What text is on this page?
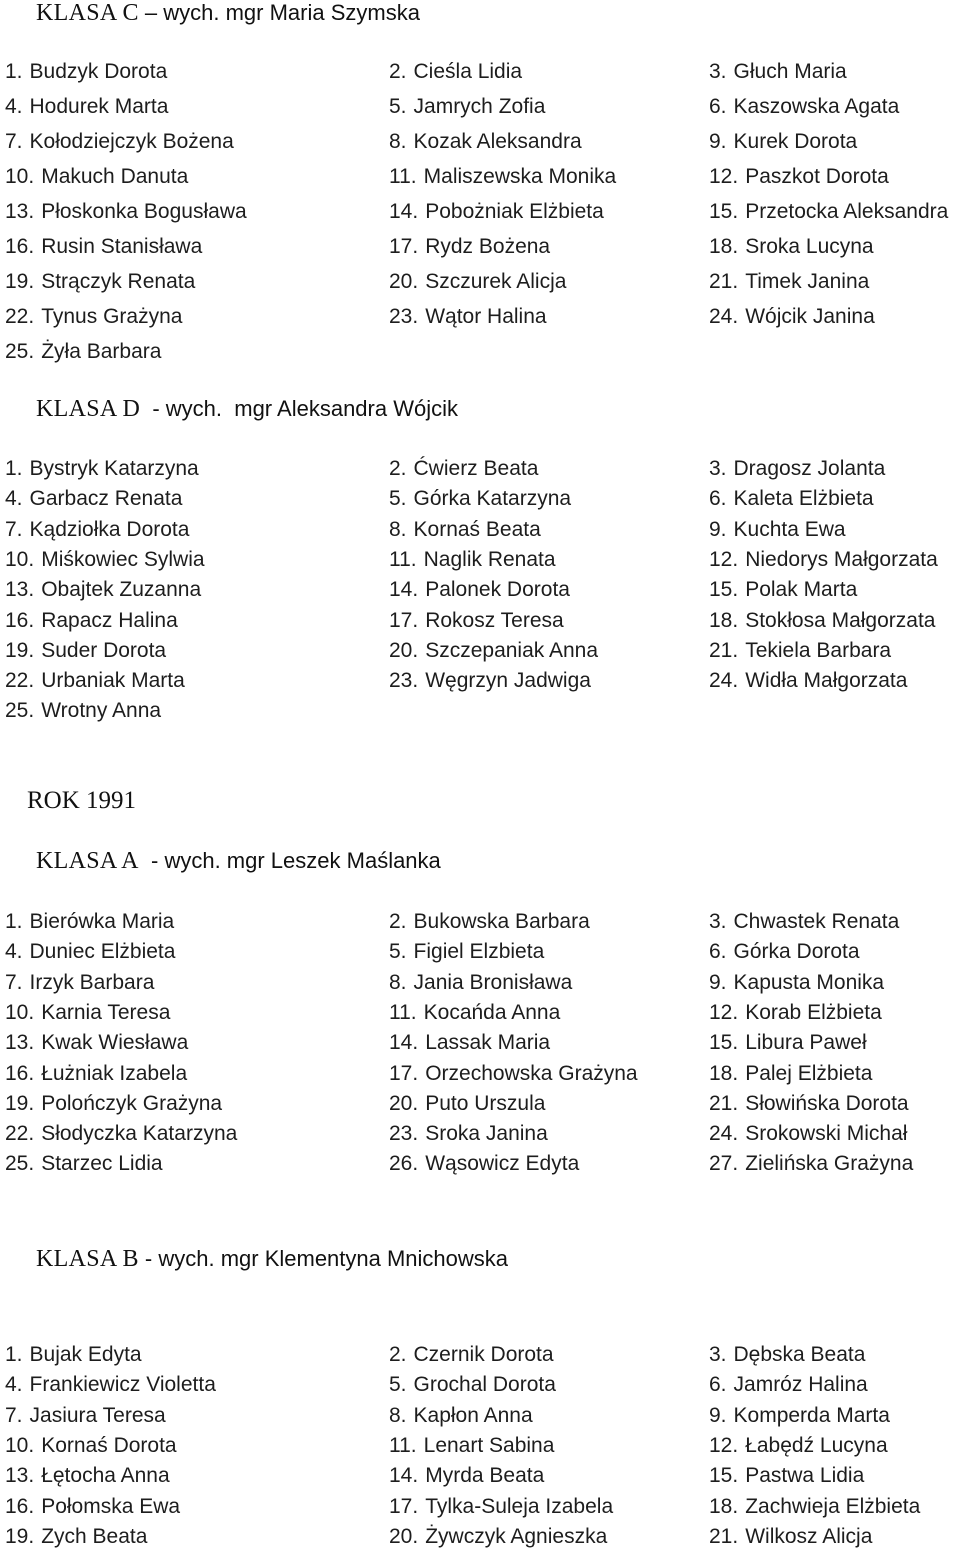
KLASA C – wych. mgr Maria Szymska
1. Budzyk Dorota	2. Cieśla Lidia	3. Głuch Maria
4. Hodurek Marta	5. Jamrych Zofia	6. Kaszowska Agata
7. Kołodziejczyk Bożena	8. Kozak Aleksandra	9. Kurek Dorota
10. Makuch Danuta	11. Maliszewska Monika	12. Paszkot Dorota
13. Płoskonka Bogusława	14. Pobożniak Elżbieta	15. Przetocka Aleksandra
16. Rusin Stanisława	17. Rydz Bożena	18. Sroka Lucyna
19. Strączyk Renata	20. Szczurek Alicja	21. Timek Janina
22. Tynus Grażyna	23. Wątor Halina	24. Wójcik Janina
25. Żyła Barbara
KLASA D  - wych.  mgr Aleksandra Wójcik
1. Bystryk Katarzyna	2. Ćwierz Beata	3. Dragosz Jolanta
4. Garbacz Renata	5. Górka Katarzyna	6. Kaleta Elżbieta
7. Kądziołka Dorota	8. Kornaś Beata	9. Kuchta Ewa
10. Miśkowiec Sylwia	11. Naglik Renata	12. Niedorys Małgorzata
13. Obajtek Zuzanna	14. Palonek Dorota	15. Polak Marta
16. Rapacz Halina	17. Rokosz Teresa	18. Stokłosa Małgorzata
19. Suder Dorota	20. Szczepaniak Anna	21. Tekiela Barbara
22. Urbaniak Marta	23. Węgrzyn Jadwiga	24. Widła Małgorzata
25. Wrotny Anna
ROK 1991
KLASA A  - wych. mgr Leszek Maślanka
1. Bierówka Maria	2. Bukowska Barbara	3. Chwastek Renata
4. Duniec Elżbieta	5. Figiel Elzbieta	6. Górka Dorota
7. Irzyk Barbara	8. Jania Bronisława	9. Kapusta Monika
10. Karnia Teresa	11. Kocańda Anna	12. Korab Elżbieta
13. Kwak Wiesława	14. Lassak Maria	15. Libura Paweł
16. Łużniak Izabela	17. Orzechowska Grażyna	18. Palej Elżbieta
19. Polończyk Grażyna	20. Puto Urszula	21. Słowińska Dorota
22. Słodyczka Katarzyna	23. Sroka Janina	24. Srokowski Michał
25. Starzec Lidia	26. Wąsowicz Edyta	27. Zielińska Grażyna
KLASA B - wych. mgr Klementyna Mnichowska
1. Bujak Edyta	2. Czernik Dorota	3. Dębska Beata
4. Frankiewicz Violetta	5. Grochal Dorota	6. Jamróz Halina
7. Jasiura Teresa	8. Kapłon Anna	9. Komperda Marta
10. Kornaś Dorota	11. Lenart Sabina	12. Łabędź Lucyna
13. Łętocha Anna	14. Myrda Beata	15. Pastwa Lidia
16. Połomska Ewa	17. Tylka-Suleja Izabela	18. Zachwieja Elżbieta
19. Zych Beata	20. Żywczyk Agnieszka	21. Wilkosz Alicja
